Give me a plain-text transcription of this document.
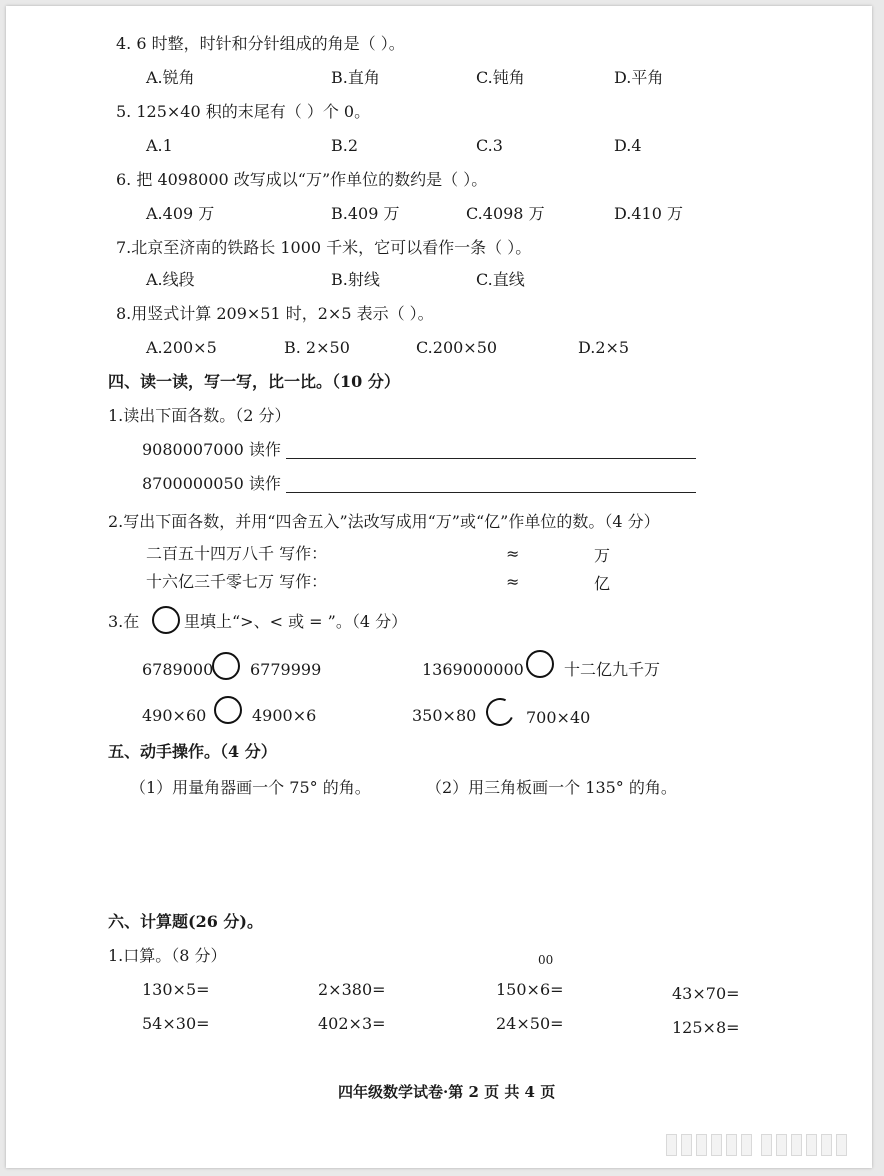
4. 6 时整，时针和分针组成的角是（ ）。
A.锐角	B.直角	C.钝角	D.平角
5. 125×40 积的末尾有（ ）个 0。
A.1	B.2	C.3	D.4
6. 把 4098000 改写成以“万”作单位的数约是（ ）。
A.409 万	B.409 万	C.4098 万	D.410 万
7.北京至济南的铁路长 1000 千米，它可以看作一条（ ）。
A.线段	B.射线	C.直线
8.用竖式计算 209×51 时，2×5 表示（ ）。
A.200×5	B. 2×50	C.200×50	D.2×5
四、读一读，写一写，比一比。（10 分）
1.读出下面各数。（2 分）
9080007000 读作
8700000050 读作
2.写出下面各数，并用“四舍五入”法改写成用“万”或“亿”作单位的数。（4 分）
二百五十四万八千 写作：	≈	万
十六亿三千零七万 写作：	≈	亿
3.在	里填上“>、< 或 = ”。（4 分）
6789000 6779999	1369000000	十二亿九千万
490×60	4900×6	350×80	700×40
五、动手操作。（4 分）
（1）用量角器画一个 75° 的角。	（2）用三角板画一个 135° 的角。
六、计算题(26 分)。
1.口算。（8 分）	00
130×5=	2×380=	150×6=	43×70=
54×30=	402×3=	24×50=	125×8=
四年级数学试卷·第 2 页 共 4 页
